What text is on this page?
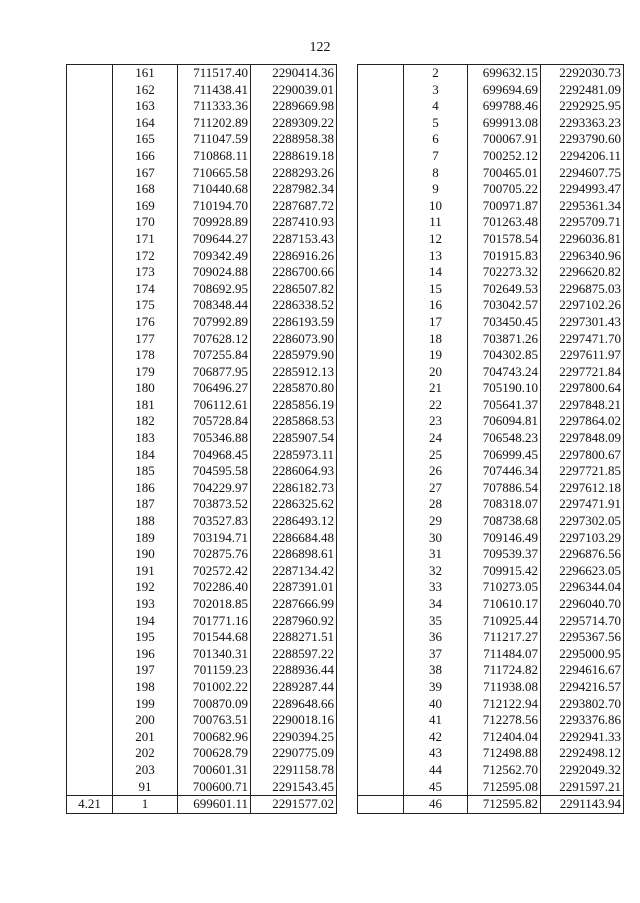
122
	161	711517.40	2290414.36
	162	711438.41	2290039.01
	163	711333.36	2289669.98
	164	711202.89	2289309.22
	165	711047.59	2288958.38
	166	710868.11	2288619.18
	167	710665.58	2288293.26
	168	710440.68	2287982.34
	169	710194.70	2287687.72
	170	709928.89	2287410.93
	171	709644.27	2287153.43
	172	709342.49	2286916.26
	173	709024.88	2286700.66
	174	708692.95	2286507.82
	175	708348.44	2286338.52
	176	707992.89	2286193.59
	177	707628.12	2286073.90
	178	707255.84	2285979.90
	179	706877.95	2285912.13
	180	706496.27	2285870.80
	181	706112.61	2285856.19
	182	705728.84	2285868.53
	183	705346.88	2285907.54
	184	704968.45	2285973.11
	185	704595.58	2286064.93
	186	704229.97	2286182.73
	187	703873.52	2286325.62
	188	703527.83	2286493.12
	189	703194.71	2286684.48
	190	702875.76	2286898.61
	191	702572.42	2287134.42
	192	702286.40	2287391.01
	193	702018.85	2287666.99
	194	701771.16	2287960.92
	195	701544.68	2288271.51
	196	701340.31	2288597.22
	197	701159.23	2288936.44
	198	701002.22	2289287.44
	199	700870.09	2289648.66
	200	700763.51	2290018.16
	201	700682.96	2290394.25
	202	700628.79	2290775.09
	203	700601.31	2291158.78
	91	700600.71	2291543.45
4.21	1	699601.11	2291577.02
	2	699632.15	2292030.73
	3	699694.69	2292481.09
	4	699788.46	2292925.95
	5	699913.08	2293363.23
	6	700067.91	2293790.60
	7	700252.12	2294206.11
	8	700465.01	2294607.75
	9	700705.22	2294993.47
	10	700971.87	2295361.34
	11	701263.48	2295709.71
	12	701578.54	2296036.81
	13	701915.83	2296340.96
	14	702273.32	2296620.82
	15	702649.53	2296875.03
	16	703042.57	2297102.26
	17	703450.45	2297301.43
	18	703871.26	2297471.70
	19	704302.85	2297611.97
	20	704743.24	2297721.84
	21	705190.10	2297800.64
	22	705641.37	2297848.21
	23	706094.81	2297864.02
	24	706548.23	2297848.09
	25	706999.45	2297800.67
	26	707446.34	2297721.85
	27	707886.54	2297612.18
	28	708318.07	2297471.91
	29	708738.68	2297302.05
	30	709146.49	2297103.29
	31	709539.37	2296876.56
	32	709915.42	2296623.05
	33	710273.05	2296344.04
	34	710610.17	2296040.70
	35	710925.44	2295714.70
	36	711217.27	2295367.56
	37	711484.07	2295000.95
	38	711724.82	2294616.67
	39	711938.08	2294216.57
	40	712122.94	2293802.70
	41	712278.56	2293376.86
	42	712404.04	2292941.33
	43	712498.88	2292498.12
	44	712562.70	2292049.32
	45	712595.08	2291597.21
	46	712595.82	2291143.94
